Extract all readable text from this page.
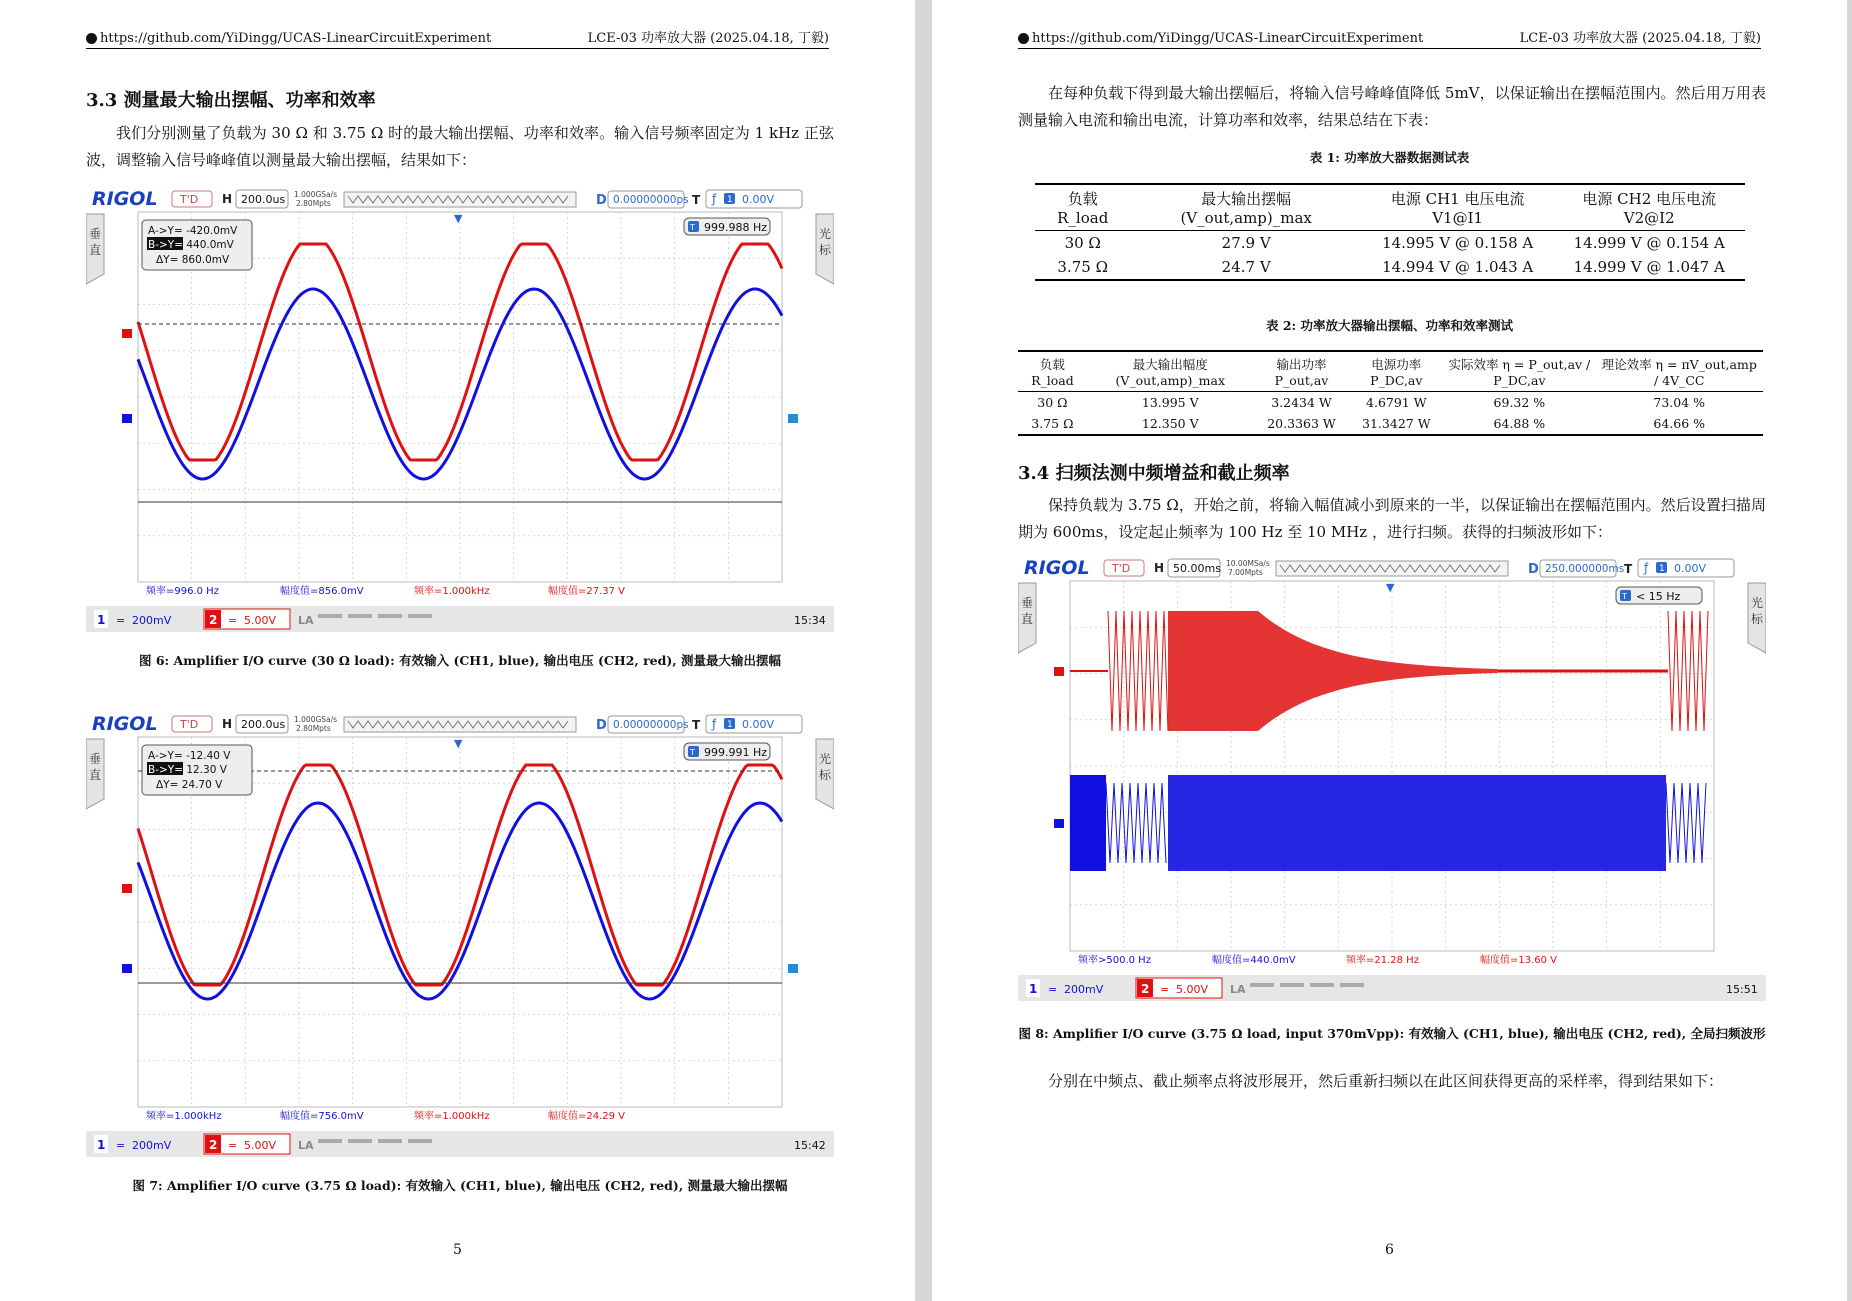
https://github.com/YiDingg/UCAS-LinearCircuitExperiment	LCE-03 功率放大器 (2025.04.18, 丁毅)
3.3 测量最大输出摆幅、功率和效率
我们分别测量了负载为 30 Ω 和 3.75 Ω 时的最大输出摆幅、功率和效率。输入信号频率固定为 1 kHz 正弦波，调整输入信号峰峰值以测量最大输出摆幅，结果如下：
RIGOL T'D H 200.0us 1.000GSa/s
2.80Mpts	D 0.00000000ps T ƒ 1 0.00V
垂
直
光
标
A->Y= -420.0mV
B->Y= 440.0mV
ΔY= 860.0mV
▼
T 999.988 Hz
频率=996.0 Hz	幅度值=856.0mV	频率=1.000kHz	幅度值=27.37 V
1 = 200mV	2 = 5.00V LA	15:34
图 6: Amplifier I/O curve (30 Ω load): 有效输入 (CH1, blue), 输出电压 (CH2, red), 测量最大输出摆幅
RIGOL T'D H 200.0us 1.000GSa/s
2.80Mpts	D 0.00000000ps T ƒ 1 0.00V
垂
直
光
标
A->Y= -12.40 V
B->Y= 12.30 V
ΔY= 24.70 V
▼
T 999.991 Hz
频率=1.000kHz	幅度值=756.0mV	频率=1.000kHz	幅度值=24.29 V
1 = 200mV	2 = 5.00V LA	15:42
图 7: Amplifier I/O curve (3.75 Ω load): 有效输入 (CH1, blue), 输出电压 (CH2, red), 测量最大输出摆幅
5
https://github.com/YiDingg/UCAS-LinearCircuitExperiment	LCE-03 功率放大器 (2025.04.18, 丁毅)
在每种负载下得到最大输出摆幅后，将输入信号峰峰值降低 5mV，以保证输出在摆幅范围内。然后用万用表测量输入电流和输出电流，计算功率和效率，结果总结在下表：
表 1: 功率放大器数据测试表
表 2: 功率放大器输出摆幅、功率和效率测试
3.4 扫频法测中频增益和截止频率
保持负载为 3.75 Ω，开始之前，将输入幅值减小到原来的一半，以保证输出在摆幅范围内。然后设置扫描周期为 600ms，设定起止频率为 100 Hz 至 10 MHz ，进行扫频。获得的扫频波形如下：
RIGOL T'D H 50.00ms 10.00MSa/s
7.00Mpts	D 250.000000ms T ƒ 1 0.00V
垂
直
光
标
▼
T < 15 Hz
频率>500.0 Hz	幅度值=440.0mV	频率=21.28 Hz	幅度值=13.60 V
1 = 200mV	2 = 5.00V LA	15:51
图 8: Amplifier I/O curve (3.75 Ω load, input 370mVpp): 有效输入 (CH1, blue), 输出电压 (CH2, red), 全局扫频波形
分别在中频点、截止频率点将波形展开，然后重新扫频以在此区间获得更高的采样率，得到结果如下：
6
负载 R_load	最大输出摆幅 (V_out,amp)_max	电源 CH1 电压电流 V1@I1	电源 CH2 电压电流 V2@I2
30 Ω	27.9 V	14.995 V @ 0.158 A	14.999 V @ 0.154 A
3.75 Ω	24.7 V	14.994 V @ 1.043 A	14.999 V @ 1.047 A
负载 R_load	最大输出幅度 (V_out,amp)_max	输出功率 P_out,av	电源功率 P_DC,av	实际效率 η = P_out,av / P_DC,av	理论效率 η = πV_out,amp / 4V_CC
30 Ω	13.995 V	3.2434 W	4.6791 W	69.32 %	73.04 %
3.75 Ω	12.350 V	20.3363 W	31.3427 W	64.88 %	64.66 %
